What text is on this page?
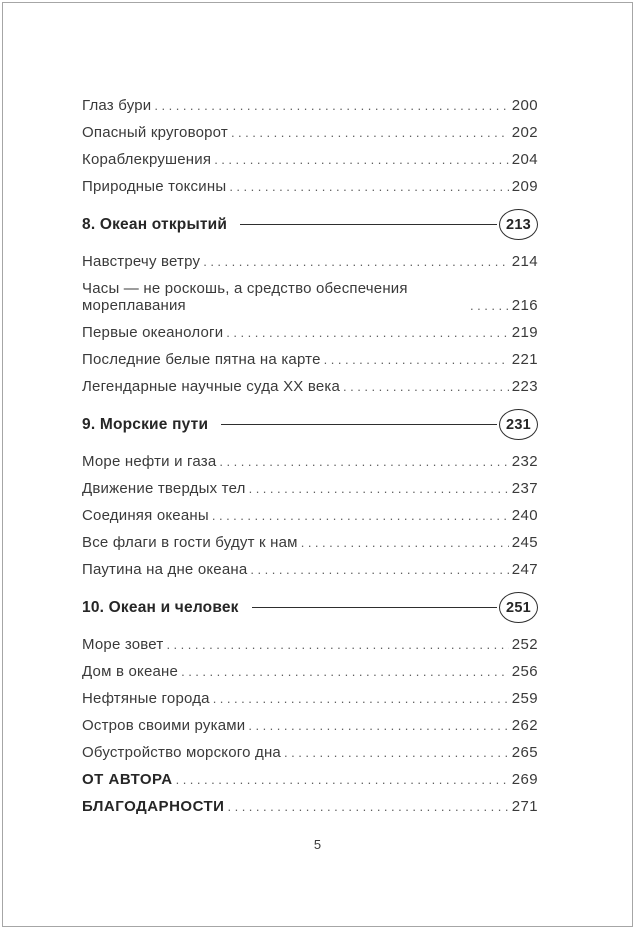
Глаз бури .....	200
Опасный круговорот .....	202
Кораблекрушения .....	204
Природные токсины .....	209
8. Океан открытий	213
Навстречу ветру .....	214
Часы — не роскошь, а средство обеспечения мореплавания .....	216
Первые океанологи .....	219
Последние белые пятна на карте .....	221
Легендарные научные суда XX века .....	223
9. Морские пути	231
Море нефти и газа .....	232
Движение твердых тел .....	237
Соединяя океаны .....	240
Все флаги в гости будут к нам .....	245
Паутина на дне океана .....	247
10. Океан и человек	251
Море зовет .....	252
Дом в океане .....	256
Нефтяные города .....	259
Остров своими руками .....	262
Обустройство морского дна .....	265
ОТ АВТОРА .....	269
БЛАГОДАРНОСТИ .....	271
5
